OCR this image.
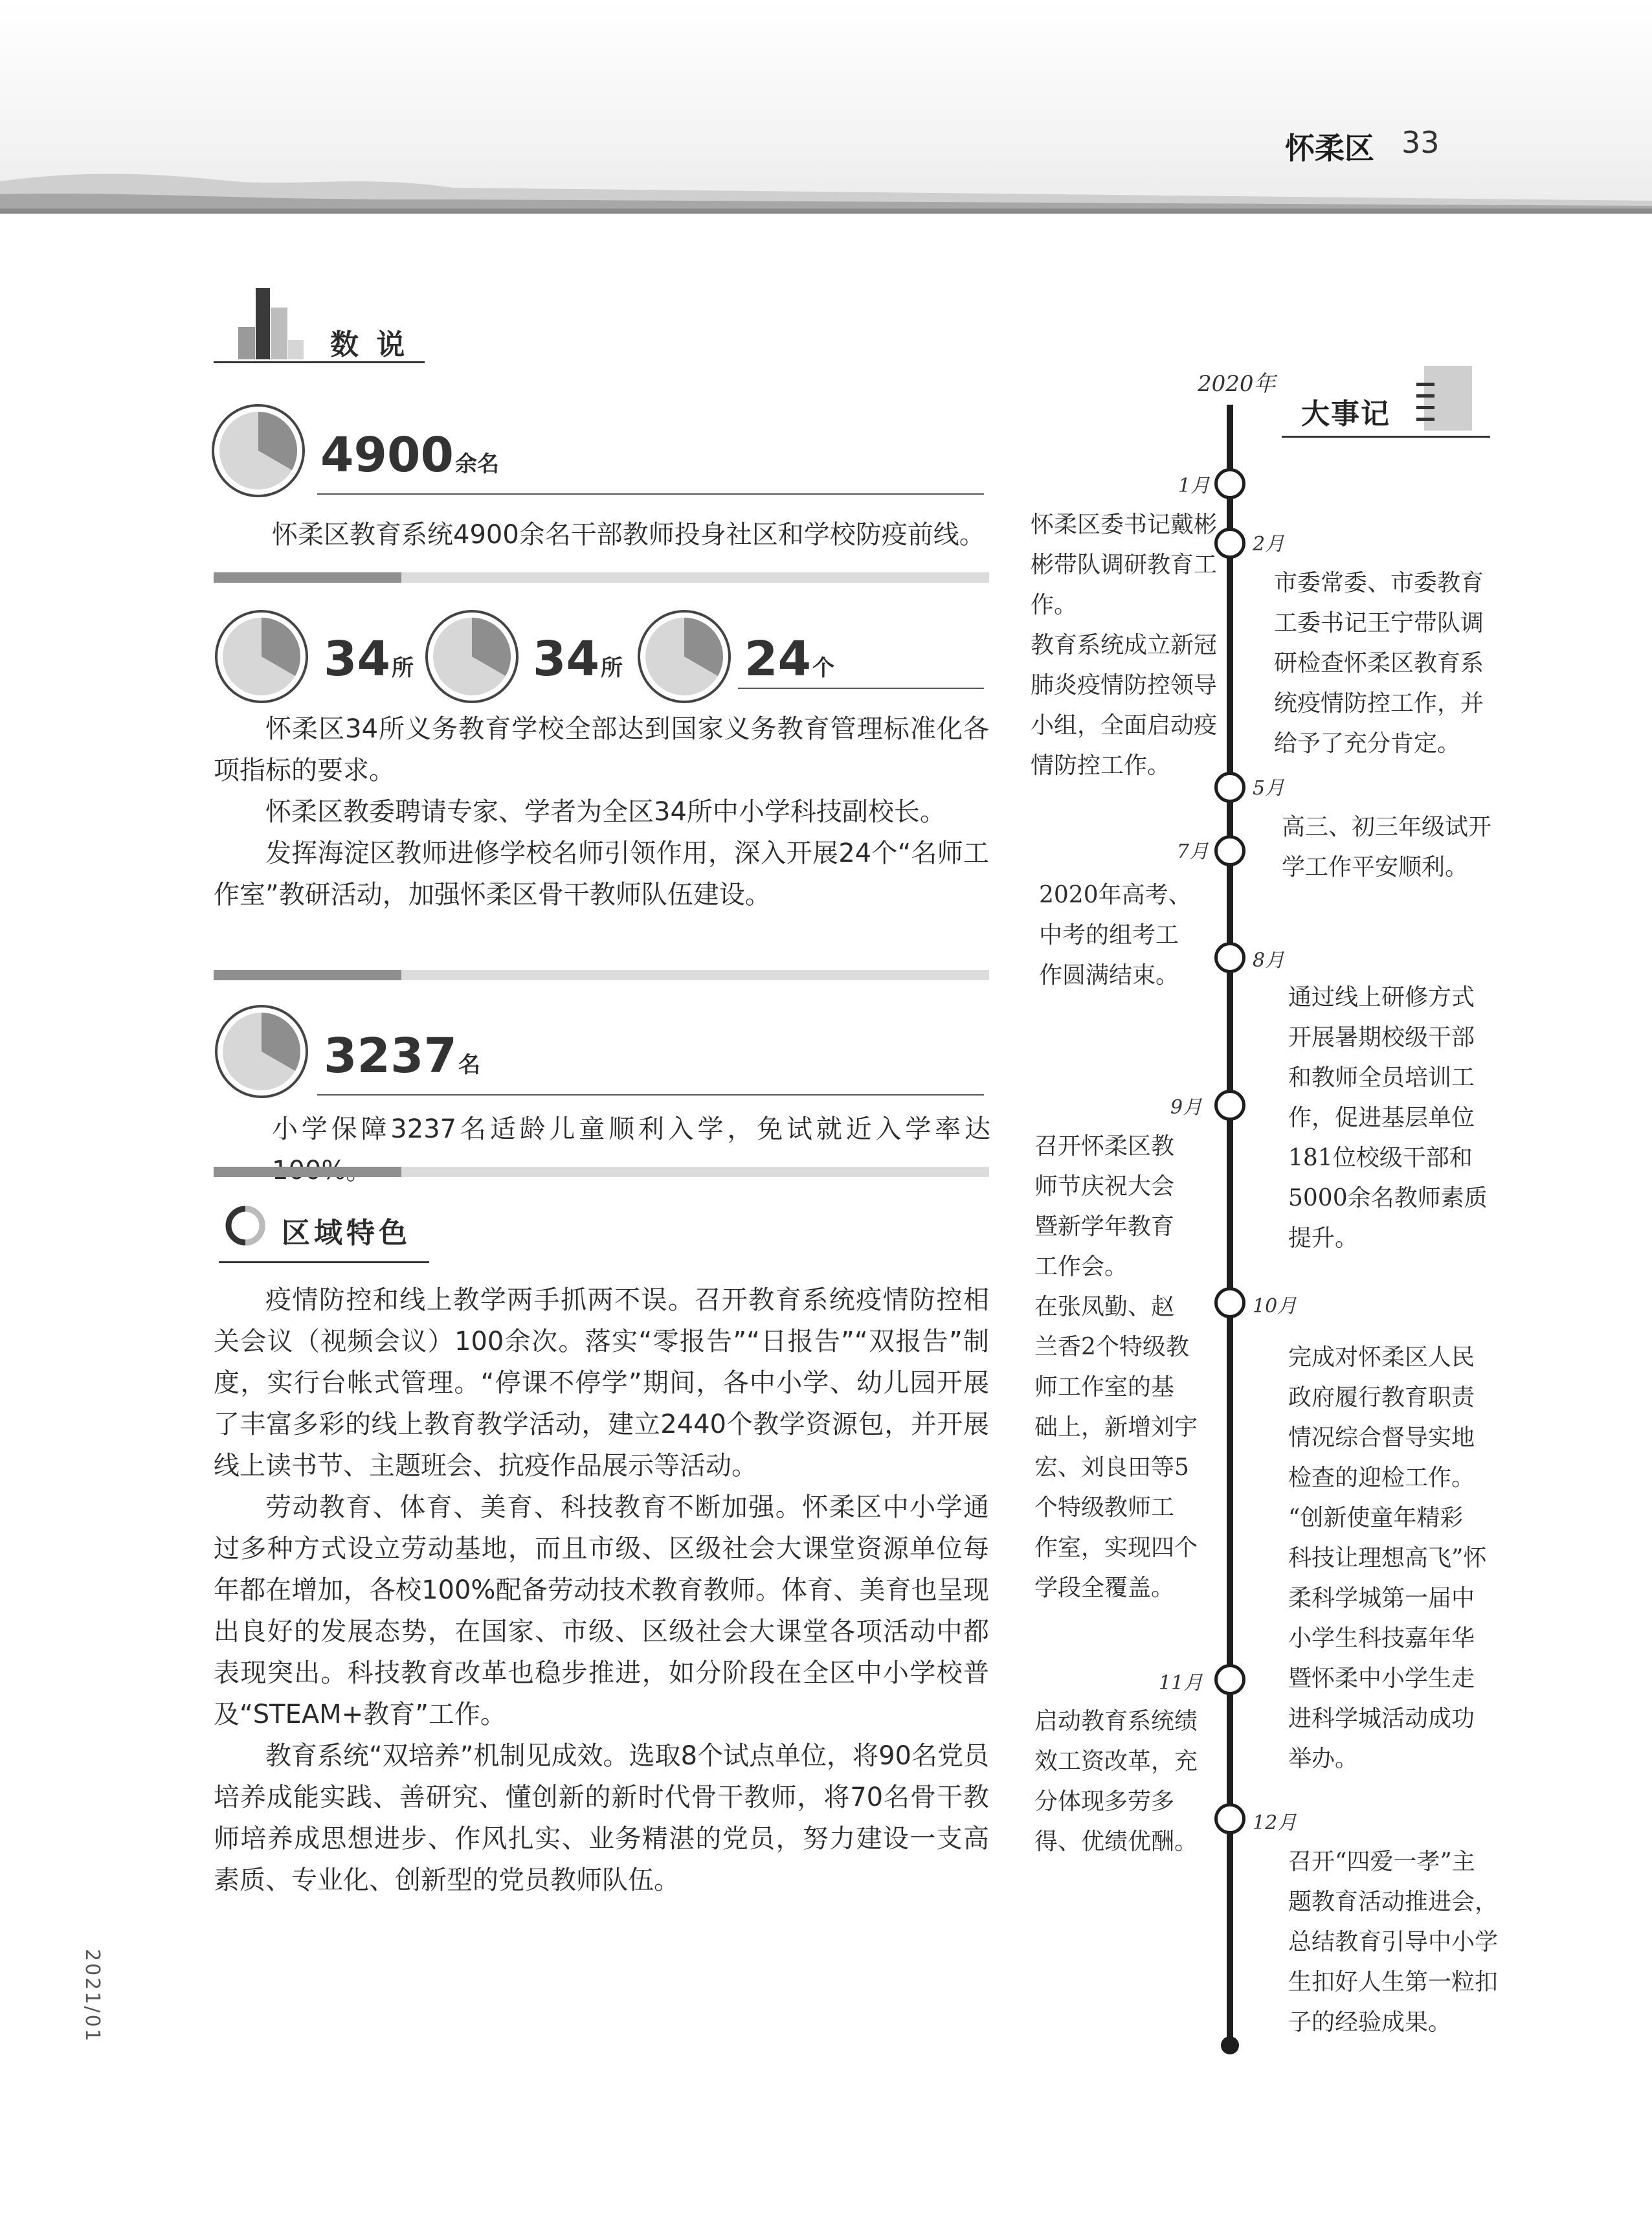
怀柔区 33
数 说
4900余名
怀柔区教育系统4900余名干部教师投身社区和学校防疫前线。
34所 34所	24个

怀柔区34所义务教育学校全部达到国家义务教育管理标准化各项指标的要求。

怀柔区教委聘请专家、学者为全区34所中小学科技副校长。

发挥海淀区教师进修学校名师引领作用，深入开展24个“名师工作室”教研活动，加强怀柔区骨干教师队伍建设。

3237名
小学保障3237名适龄儿童顺利入学，免试就近入学率达
区域特色

疫情防控和线上教学两手抓两不误。召开教育系统疫情防控相关会议（视频会议）100余次。落实“零报告”“日报告”“双报告”制度，实行台帐式管理。“停课不停学”期间，各中小学、幼儿园开展了丰富多彩的线上教育教学活动，建立2440个教学资源包，并开展线上读书节、主题班会、抗疫作品展示等活动。

劳动教育、体育、美育、科技教育不断加强。怀柔区中小学通过多种方式设立劳动基地，而且市级、区级社会大课堂资源单位每年都在增加，各校100%配备劳动技术教育教师。体育、美育也呈现出良好的发展态势，在国家、市级、区级社会大课堂各项活动中都表现突出。科技教育改革也稳步推进，如分阶段在全区中小学校普及“STEAM+教育”工作。

教育系统“双培养”机制见成效。选取8个试点单位，将90名党员培养成能实践、善研究、懂创新的新时代骨干教师，将70名骨干教师培养成思想进步、作风扎实、业务精湛的党员，努力建设一支高素质、专业化、创新型的党员教师队伍。

2021/01
2020年
大事记
1月
怀柔区委书记戴彬
彬带队调研教育工
作。
教育系统成立新冠
肺炎疫情防控领导
小组，全面启动疫
情防控工作。
2月
市委常委、市委教育
工委书记王宁带队调
研检查怀柔区教育系
统疫情防控工作，并
给予了充分肯定。
5月
高三、初三年级试开
学工作平安顺利。
7月
2020年高考、
中考的组考工
作圆满结束。
8月
通过线上研修方式
开展暑期校级干部
和教师全员培训工
作，促进基层单位
181位校级干部和
5000余名教师素质
提升。
9月
召开怀柔区教
师节庆祝大会
暨新学年教育
工作会。
在张凤勤、赵
兰香2个特级教
师工作室的基
础上，新增刘宇
宏、刘良田等5
个特级教师工
作室，实现四个
学段全覆盖。
10月
完成对怀柔区人民
政府履行教育职责
情况综合督导实地
检查的迎检工作。
“创新使童年精彩
科技让理想高飞”怀
柔科学城第一届中
小学生科技嘉年华
暨怀柔中小学生走
进科学城活动成功
举办。
11月
启动教育系统绩
效工资改革，充
分体现多劳多
得、优绩优酬。
12月
召开“四爱一孝”主
题教育活动推进会，
总结教育引导中小学
生扣好人生第一粒扣
子的经验成果。
